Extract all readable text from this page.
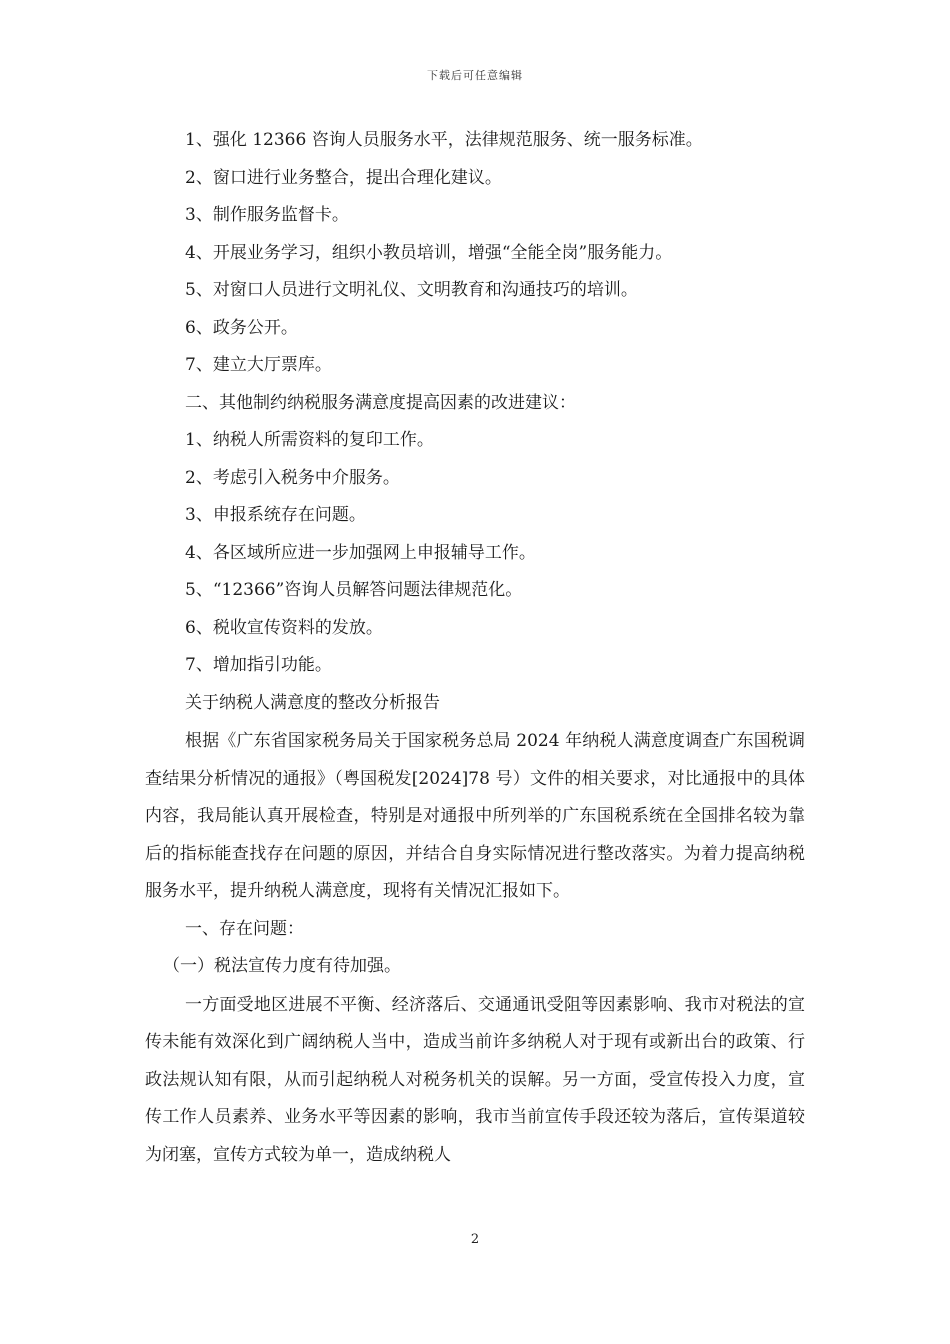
下载后可任意编辑
1、强化 12366 咨询人员服务水平，法律规范服务、统一服务标准。
2、窗口进行业务整合，提出合理化建议。
3、制作服务监督卡。
4、开展业务学习，组织小教员培训，增强“全能全岗”服务能力。
5、对窗口人员进行文明礼仪、文明教育和沟通技巧的培训。
6、政务公开。
7、建立大厅票库。
二、其他制约纳税服务满意度提高因素的改进建议：
1、纳税人所需资料的复印工作。
2、考虑引入税务中介服务。
3、申报系统存在问题。
4、各区域所应进一步加强网上申报辅导工作。
5、“12366”咨询人员解答问题法律规范化。
6、税收宣传资料的发放。
7、增加指引功能。
关于纳税人满意度的整改分析报告
根据《广东省国家税务局关于国家税务总局 2024 年纳税人满意度调查广东国税调查结果分析情况的通报》（粤国税发[2024]78 号）文件的相关要求，对比通报中的具体内容，我局能认真开展检查，特别是对通报中所列举的广东国税系统在全国排名较为靠后的指标能查找存在问题的原因，并结合自身实际情况进行整改落实。为着力提高纳税服务水平，提升纳税人满意度，现将有关情况汇报如下。
一、存在问题：
（一）税法宣传力度有待加强。
一方面受地区进展不平衡、经济落后、交通通讯受阻等因素影响、我市对税法的宣传未能有效深化到广阔纳税人当中，造成当前许多纳税人对于现有或新出台的政策、行政法规认知有限，从而引起纳税人对税务机关的误解。另一方面，受宣传投入力度，宣传工作人员素养、业务水平等因素的影响，我市当前宣传手段还较为落后，宣传渠道较为闭塞，宣传方式较为单一，造成纳税人
2
